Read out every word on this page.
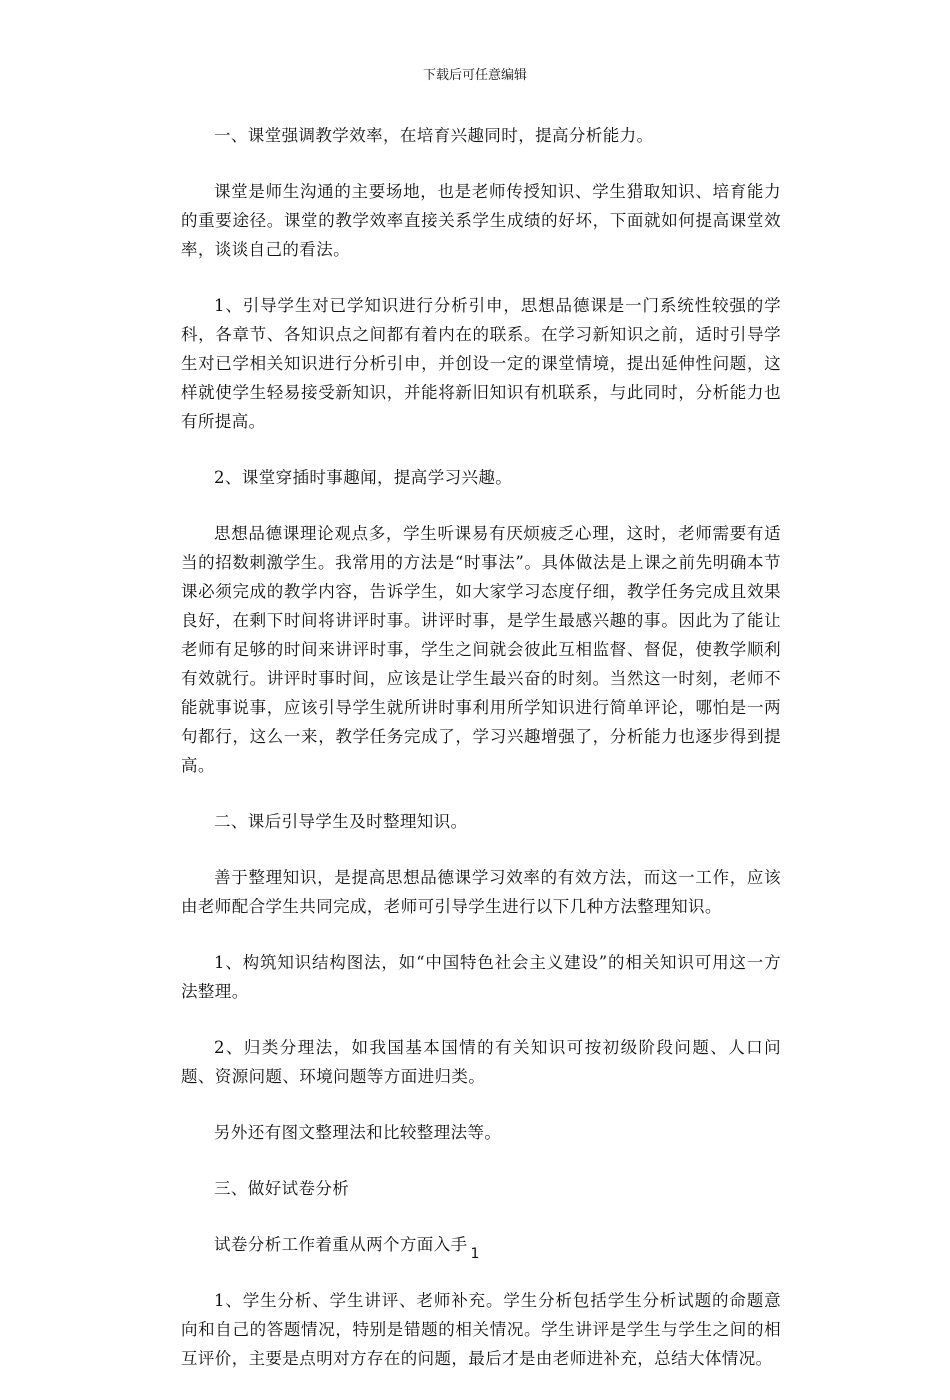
下载后可任意编辑

一、课堂强调教学效率，在培育兴趣同时，提高分析能力。

课堂是师生沟通的主要场地，也是老师传授知识、学生猎取知识、培育能力的重要途径。课堂的教学效率直接关系学生成绩的好坏，下面就如何提高课堂效率，谈谈自己的看法。

1、引导学生对已学知识进行分析引申，思想品德课是一门系统性较强的学科，各章节、各知识点之间都有着内在的联系。在学习新知识之前，适时引导学生对已学相关知识进行分析引申，并创设一定的课堂情境，提出延伸性问题，这样就使学生轻易接受新知识，并能将新旧知识有机联系，与此同时，分析能力也有所提高。

2、课堂穿插时事趣闻，提高学习兴趣。

思想品德课理论观点多，学生听课易有厌烦疲乏心理，这时，老师需要有适当的招数刺激学生。我常用的方法是“时事法”。具体做法是上课之前先明确本节课必须完成的教学内容，告诉学生，如大家学习态度仔细，教学任务完成且效果良好，在剩下时间将讲评时事。讲评时事，是学生最感兴趣的事。因此为了能让老师有足够的时间来讲评时事，学生之间就会彼此互相监督、督促，使教学顺利有效就行。讲评时事时间，应该是让学生最兴奋的时刻。当然这一时刻，老师不能就事说事，应该引导学生就所讲时事利用所学知识进行简单评论，哪怕是一两句都行，这么一来，教学任务完成了，学习兴趣增强了，分析能力也逐步得到提高。

二、课后引导学生及时整理知识。

善于整理知识，是提高思想品德课学习效率的有效方法，而这一工作，应该由老师配合学生共同完成，老师可引导学生进行以下几种方法整理知识。

1、构筑知识结构图法，如“中国特色社会主义建设”的相关知识可用这一方法整理。

2、归类分理法，如我国基本国情的有关知识可按初级阶段问题、人口问题、资源问题、环境问题等方面进归类。

另外还有图文整理法和比较整理法等。

三、做好试卷分析

试卷分析工作着重从两个方面入手

1、学生分析、学生讲评、老师补充。学生分析包括学生分析试题的命题意向和自己的答题情况，特别是错题的相关情况。学生讲评是学生与学生之间的相互评价，主要是点明对方存在的问题，最后才是由老师进补充，总结大体情况。

1
